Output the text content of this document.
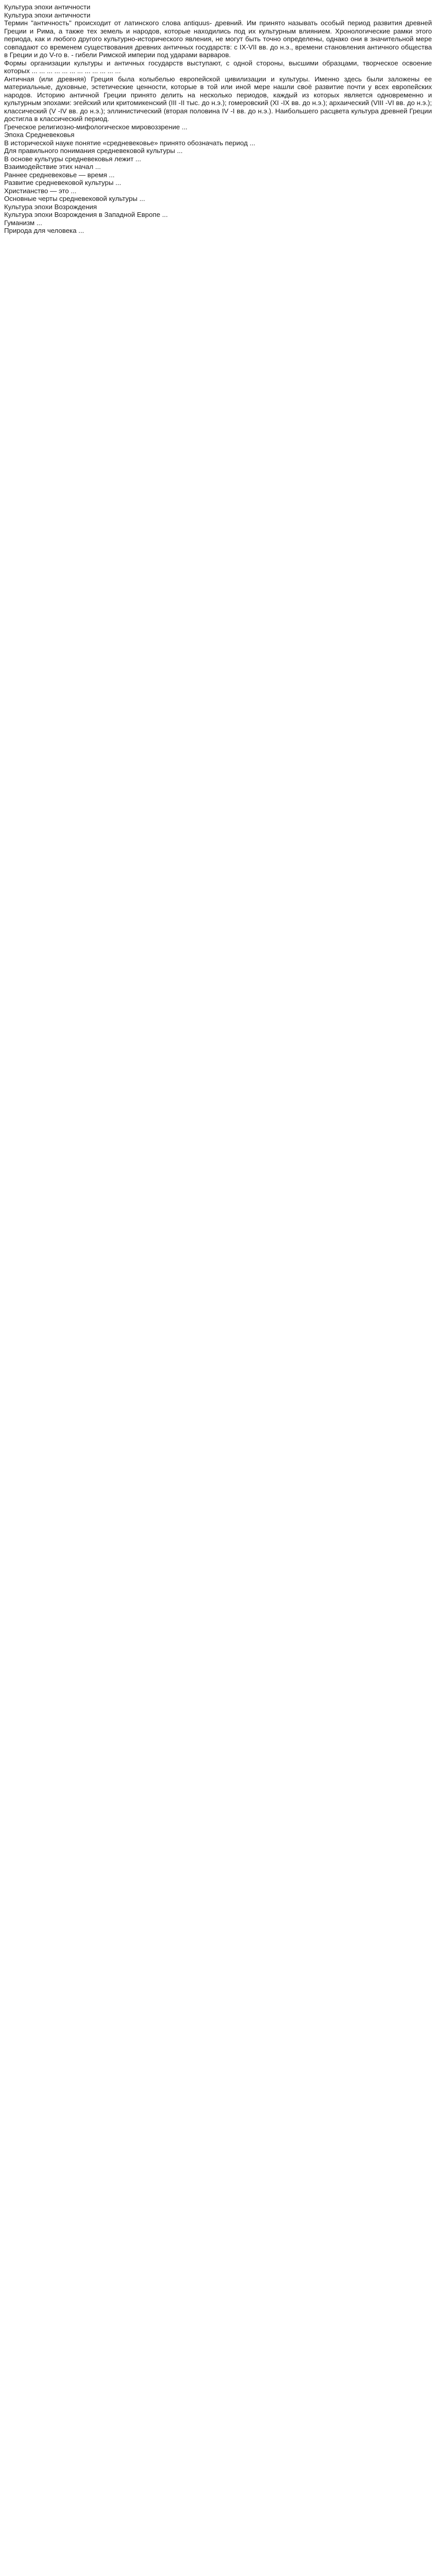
Культура эпохи античности
Культура эпохи античности

Термин "античность" происходит от латинского слова antiquus- древний. Им принято называть особый период развития древней Греции и Рима, а также тех земель и народов, которые находились под их культурным влиянием. Хронологические рамки этого периода, как и любого другого культурно-исторического явления, не могут быть точно определены, однако они в значительной мере совпадают со временем существования древних античных государств: с IX-VII вв. до н.э., времени становления античного общества в Греции и до V-го в. - гибели Римской империи под ударами варваров.

Формы организации культуры и античных государств выступают, с одной стороны, высшими образцами, творческое освоение которых ... ... ... ... ... ... ... ... ... ... ... ...

Античная (или древняя) Греция была колыбелью европейской цивилизации и культуры. Именно здесь были заложены ее материальные, духовные, эстетические ценности, которые в той или иной мере нашли своё развитие почти у всех европейских народов. Историю античной Греции принято делить на несколько периодов, каждый из которых является одновременно и культурным эпохами: эгейский или критомикенский (III -II тыс. до н.э.); гомеровский (XI -IX вв. до н.э.); архаический (VIII -VI вв. до н.э.); классический (V -IV вв. до н.э.); эллинистический (вторая половина IV -I вв. до н.э.). Наибольшего расцвета культура древней Греции достигла в классический период.

Греческое религиозно-мифологическое мировоззрение ...

Эпоха Средневековья

В исторической науке понятие «средневековье» принято обозначать период ...

Для правильного понимания средневековой культуры ...

В основе культуры средневековья лежит ...

Взаимодействие этих начал ...

Раннее средневековье — время ...

Развитие средневековой культуры ...

Христианство — это ...

Основные черты средневековой культуры ...

Культура эпохи Возрождения

Культура эпохи Возрождения в Западной Европе ...

Гуманизм ...

Природа для человека ...
